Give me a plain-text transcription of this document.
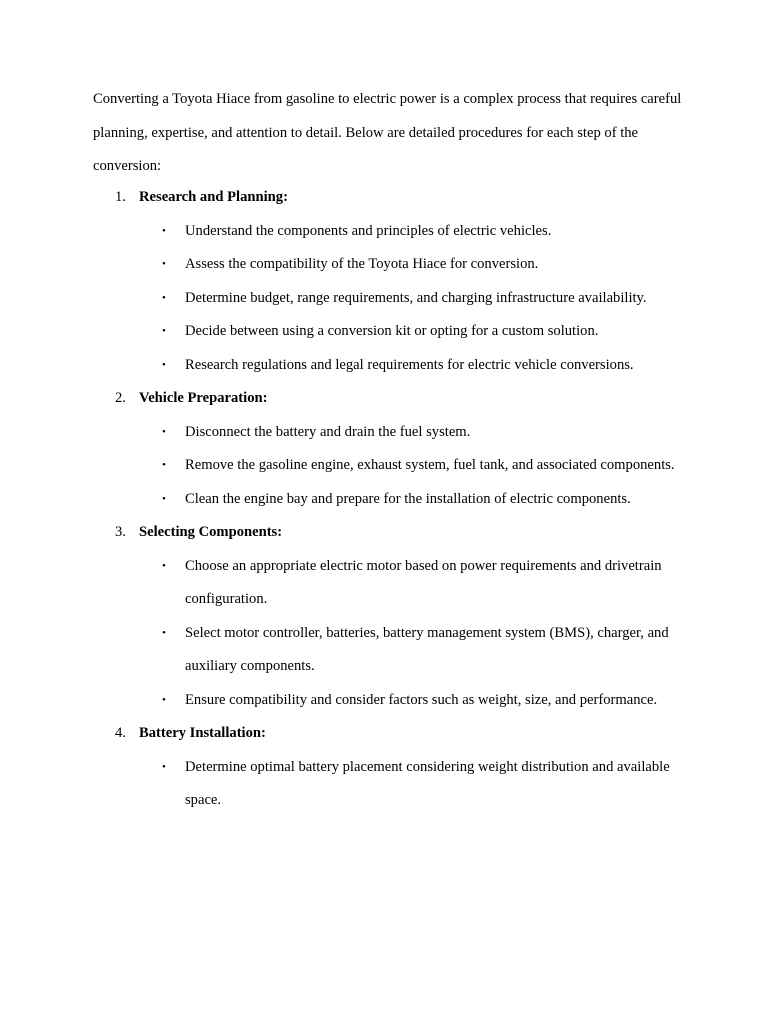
Converting a Toyota Hiace from gasoline to electric power is a complex process that requires careful planning, expertise, and attention to detail. Below are detailed procedures for each step of the conversion:

1. Research and Planning:
•	Understand the components and principles of electric vehicles.
•	Assess the compatibility of the Toyota Hiace for conversion.
•	Determine budget, range requirements, and charging infrastructure availability.
•	Decide between using a conversion kit or opting for a custom solution.
•	Research regulations and legal requirements for electric vehicle conversions.
2. Vehicle Preparation:
•	Disconnect the battery and drain the fuel system.
•	Remove the gasoline engine, exhaust system, fuel tank, and associated components.
•	Clean the engine bay and prepare for the installation of electric components.
3. Selecting Components:
•	Choose an appropriate electric motor based on power requirements and drivetrain configuration.
•	Select motor controller, batteries, battery management system (BMS), charger, and auxiliary components.
•	Ensure compatibility and consider factors such as weight, size, and performance.
4. Battery Installation:
•	Determine optimal battery placement considering weight distribution and available space.
